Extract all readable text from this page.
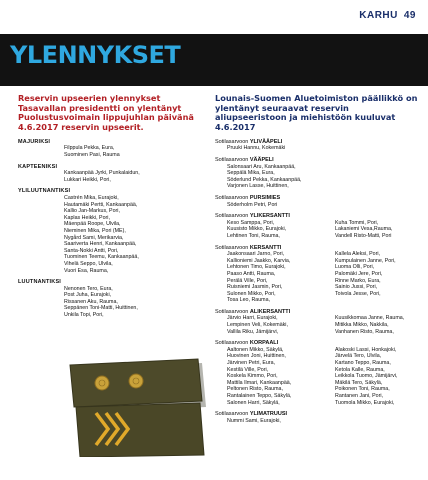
KARHU 49
YLENNYKSET
Reservin upseerien ylennykset Tasavallan presidentti on ylentänyt Puolustusvoimain lippujuhlan päivänä 4.6.2017 reservin upseerit.
MAJURIKSI
Filppula Pekka, Eura,
Suominen Pasi, Rauma
KAPTEENIKSI
Kankaanpää Jyrki, Punkalaidun,
Lukkari Heikki, Pori,
YLILUUTNANTIKSI
Castrén Mika, Eurajoki,
Hautamäki Pertti, Kankaanpää,
Kallio Jan-Markus, Pori,
Kaplas Heikki, Pori,
Mäenpää Roope, Ulvila,
Nieminen Mika, Pori (ME),
Nygård Sami, Merikarvia,
Saariverta Henri, Kankaanpää,
Santa-Nokki Antti, Pori,
Tuominen Teemu, Kankaanpää,
Vihelä Seppo, Ulvila,
Vuori Esa, Rauma,
LUUTNANTIKSI
Nenonen Tero, Eura,
Post Juha, Eurajoki,
Rissanen Aku, Rauma,
Seppänen Toni-Matti, Huittinen,
Unkila Topi, Pori,
Lounais-Suomen Aluetoimiston päällikkö on ylentänyt seuraavat reservin aliupseeristoon ja miehistöön kuuluvat 4.6.2017
Sotilasarvoon YLIVÄÄPELI
Pruuki Hannu, Kokemäki
Sotilasarvoon VÄÄPELI
Salonsaari Aru, Kankaanpää,
Seppälä Mika, Eura,
Söderlund Pekka, Kankaanpää,
Varjonen Lasse, Huittinen,
Sotilasarvoon PURSIMIES
Söderholm Petri, Pori
Sotilasarvoon YLIKERSANTTI
Keso Samppa, Pori,
Kuusisto Mikko, Eurajoki,
Lehtinen Toni, Rauma,
Kuha Tommi, Pori,
Lakaniemi Vesa,Rauma,
Vandell Risto-Matti, Pori
Sotilasarvoon KERSANTTI
Jaakonsaari Jarno, Pori,
Kallioniemi Jaakko, Karvia,
Lehtonen Timo, Eurajoki,
Paaso Antti, Rauma,
Perälä Ville, Pori,
Ruisniemi Jasmin, Pori,
Sulonen Mikko, Pori,
Tosa Leo, Rauma,
Kallela Aleksi, Pori,
Kumpulainen Janne, Pori,
Luoma Olli, Pori,
Palomäki Jere, Pori,
Rinne Marko, Eura,
Sainio Jussi, Pori,
Toivola Jesse, Pori,
Sotilasarvoon ALIKERSANTTI
Järvio Harri, Eurajoki,
Lempinen Veli, Kokemäki,
Vallila Riku, Jämijärvi,
Kuusikkomaa Janne, Rauma,
Mitikka Mikko, Nakkila,
Vanhanen Risto, Rauma,
Sotilasarvoon KORPAALI
Aaltonen Mikko, Säkylä,
Huovinen Joni, Huittinen,
Järvinen Petri, Eura,
Kestilä Ville, Pori,
Koskela Kimmo, Pori,
Mattila Ilmari, Kankaanpää,
Peltonen Risto, Rauma,
Rantalainen Teppo, Säkylä,
Salonen Harri, Säkylä,
Alakoski Lassi, Honkajoki,
Järvelä Tero, Ulvila,
Kartano Teppo, Rauma,
Ketola Kalle, Rauma,
Leikkola Tuomo, Jämijärvi,
Mäkilä Tero, Säkylä,
Poikonen Toni, Rauma,
Rantanen Jani, Pori,
Tuomola Mikko, Eurajoki,
Sotilasarvoon YLIMATRUUSI
Nummi Sami, Eurajoki,
